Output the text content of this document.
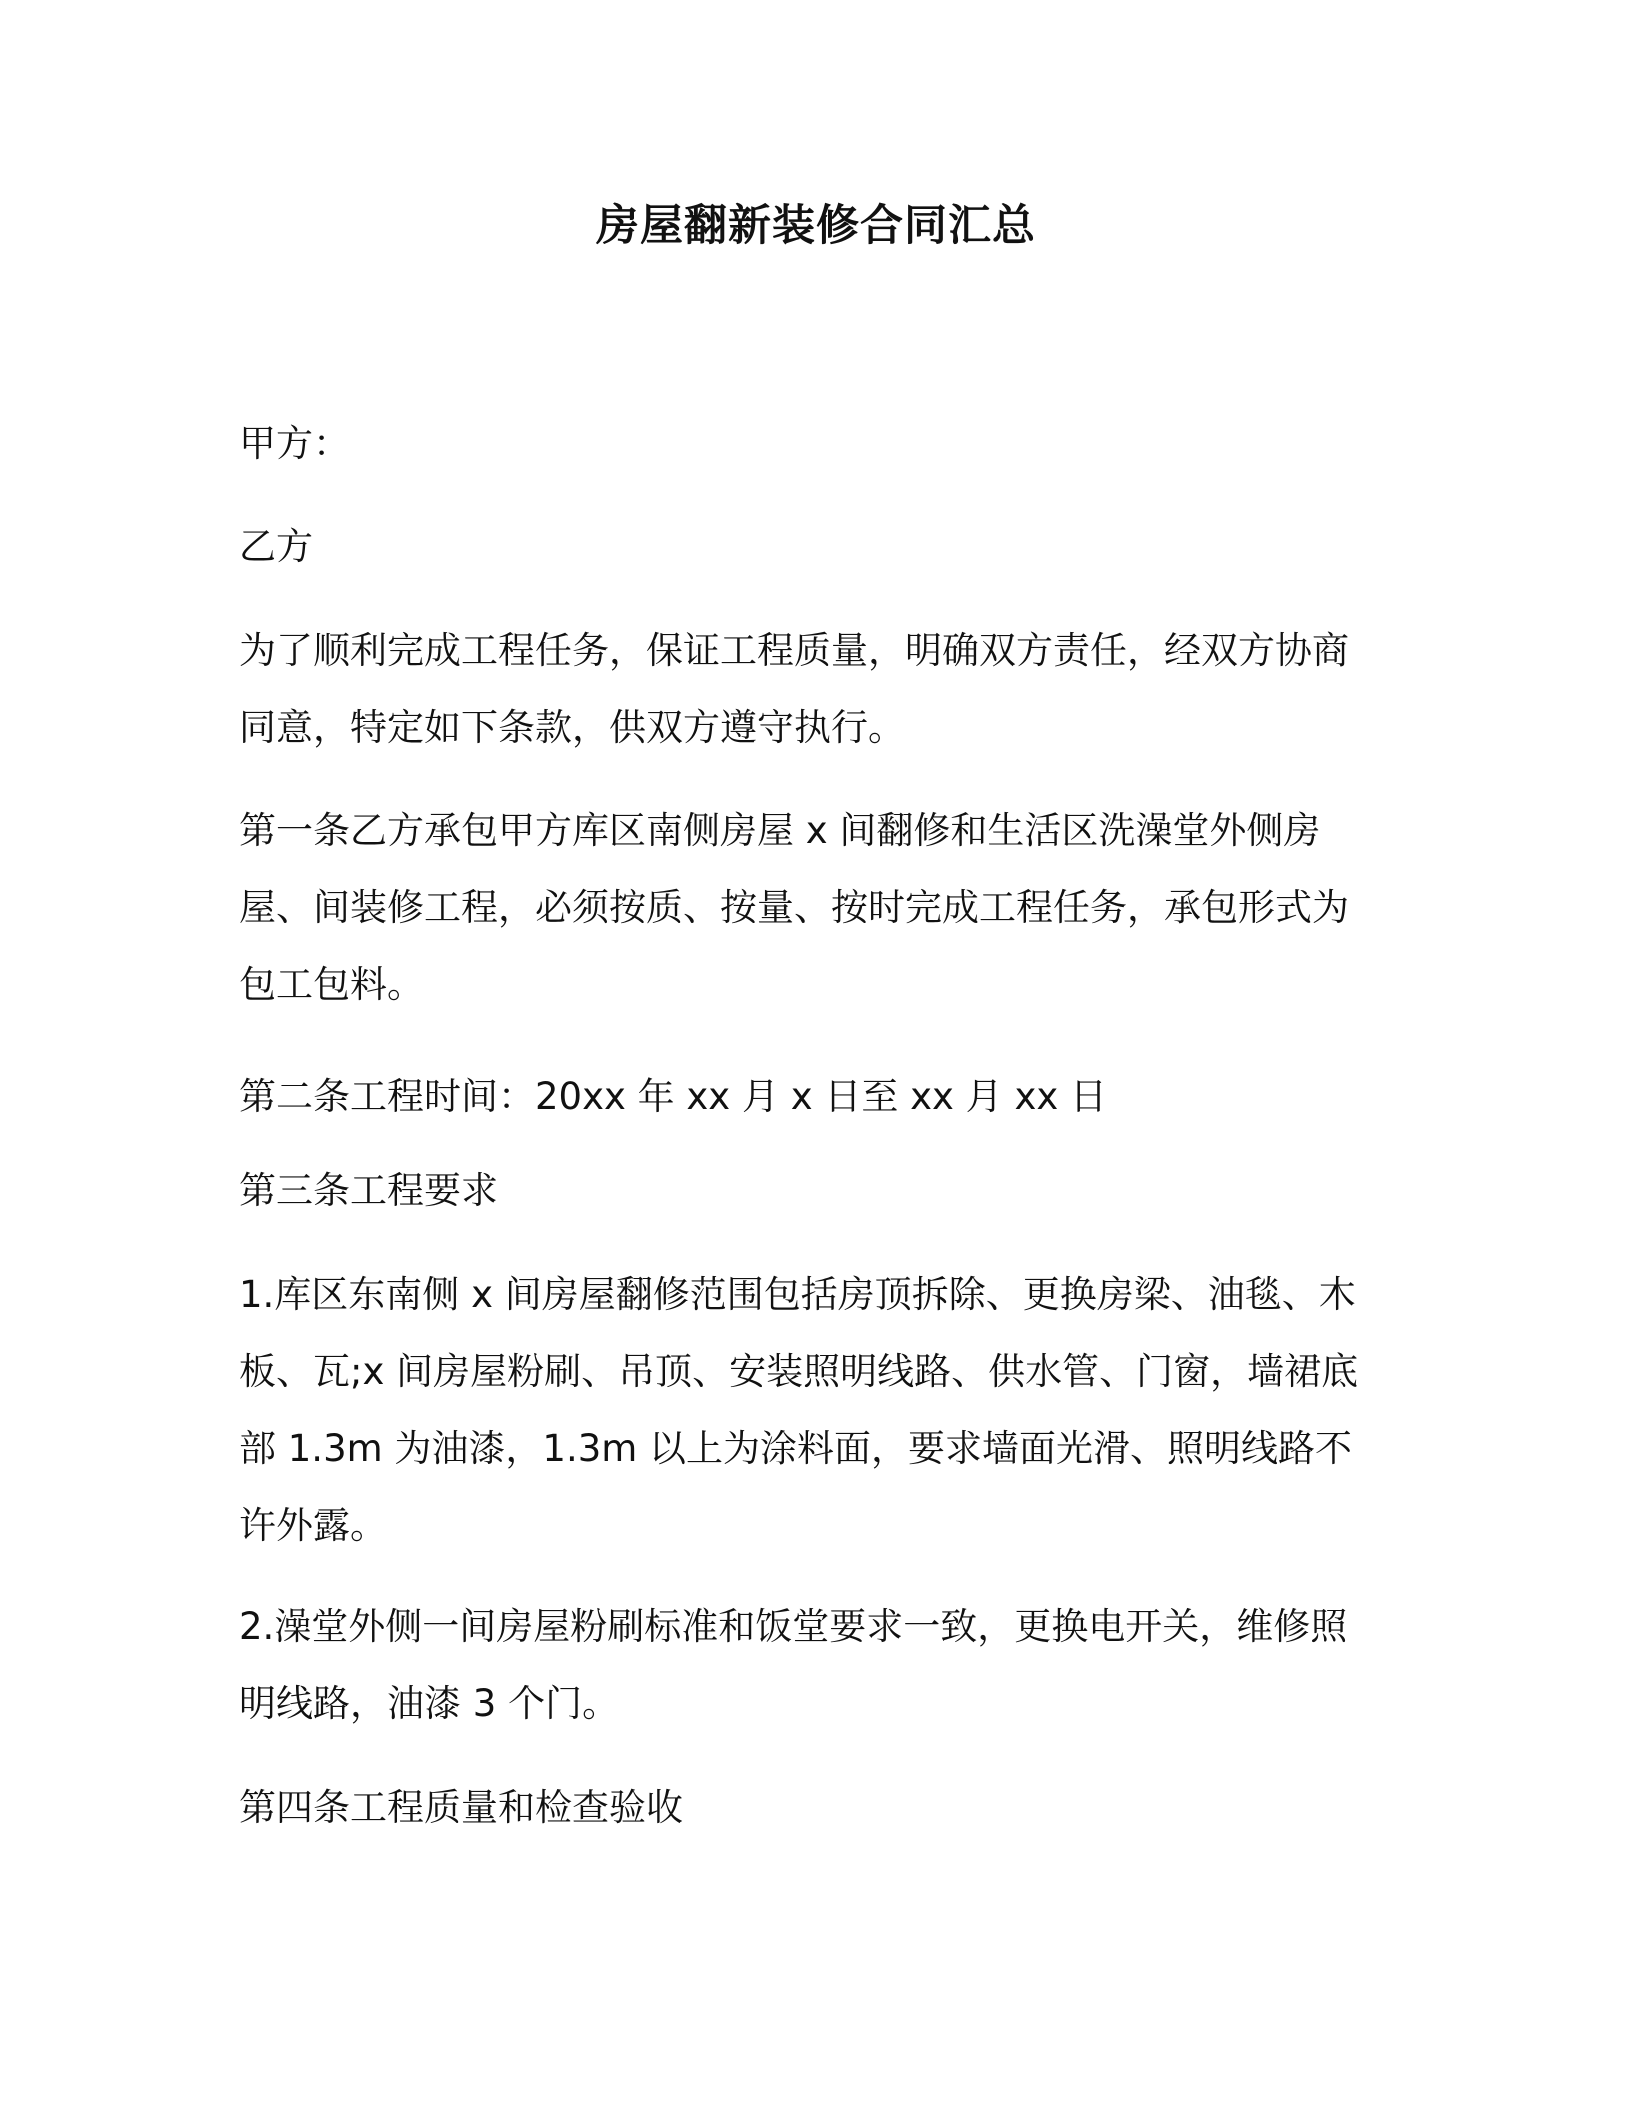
房屋翻新装修合同汇总

甲方：

乙方

为了顺利完成工程任务，保证工程质量，明确双方责任，经双方协商同意，特定如下条款，供双方遵守执行。

第一条乙方承包甲方库区南侧房屋 x 间翻修和生活区洗澡堂外侧房屋、间装修工程，必须按质、按量、按时完成工程任务，承包形式为包工包料。

第二条工程时间：20xx 年 xx 月 x 日至 xx 月 xx 日

第三条工程要求

1.库区东南侧 x 间房屋翻修范围包括房顶拆除、更换房梁、油毯、木板、瓦;x 间房屋粉刷、吊顶、安装照明线路、供水管、门窗，墙裙底部 1.3m 为油漆，1.3m 以上为涂料面，要求墙面光滑、照明线路不许外露。

2.澡堂外侧一间房屋粉刷标准和饭堂要求一致，更换电开关，维修照明线路，油漆 3 个门。

第四条工程质量和检查验收
